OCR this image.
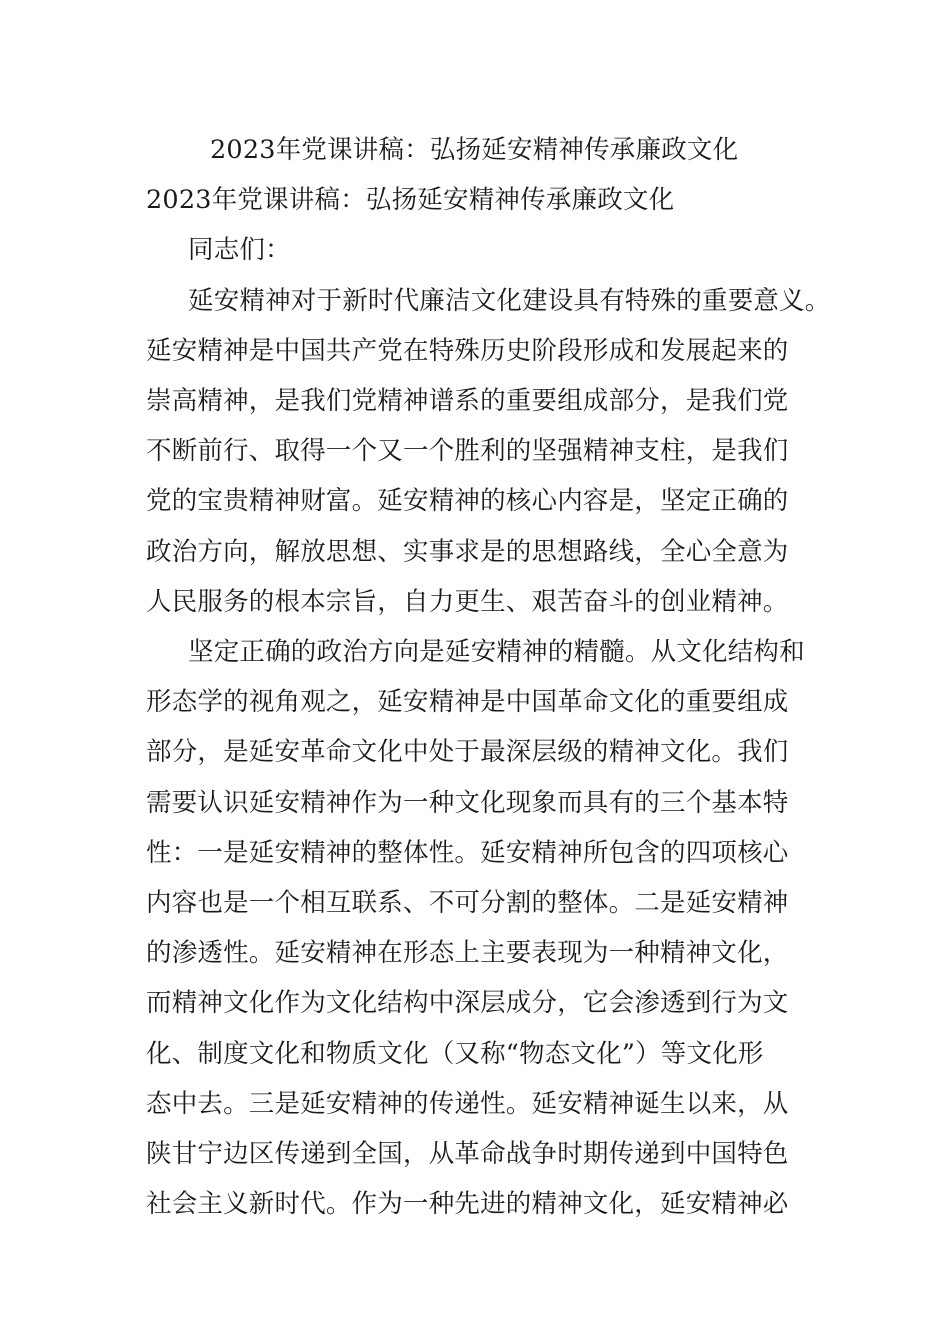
2023年党课讲稿：弘扬延安精神传承廉政文化
2023年党课讲稿：弘扬延安精神传承廉政文化
同志们：
延安精神对于新时代廉洁文化建设具有特殊的重要意义。
延安精神是中国共产党在特殊历史阶段形成和发展起来的
崇高精神，是我们党精神谱系的重要组成部分，是我们党
不断前行、取得一个又一个胜利的坚强精神支柱，是我们
党的宝贵精神财富。延安精神的核心内容是，坚定正确的
政治方向，解放思想、实事求是的思想路线，全心全意为
人民服务的根本宗旨，自力更生、艰苦奋斗的创业精神。
坚定正确的政治方向是延安精神的精髓。从文化结构和
形态学的视角观之，延安精神是中国革命文化的重要组成
部分，是延安革命文化中处于最深层级的精神文化。我们
需要认识延安精神作为一种文化现象而具有的三个基本特
性：一是延安精神的整体性。延安精神所包含的四项核心
内容也是一个相互联系、不可分割的整体。二是延安精神
的渗透性。延安精神在形态上主要表现为一种精神文化，
而精神文化作为文化结构中深层成分，它会渗透到行为文
化、制度文化和物质文化（又称“物态文化”）等文化形
态中去。三是延安精神的传递性。延安精神诞生以来，从
陕甘宁边区传递到全国，从革命战争时期传递到中国特色
社会主义新时代。作为一种先进的精神文化，延安精神必
